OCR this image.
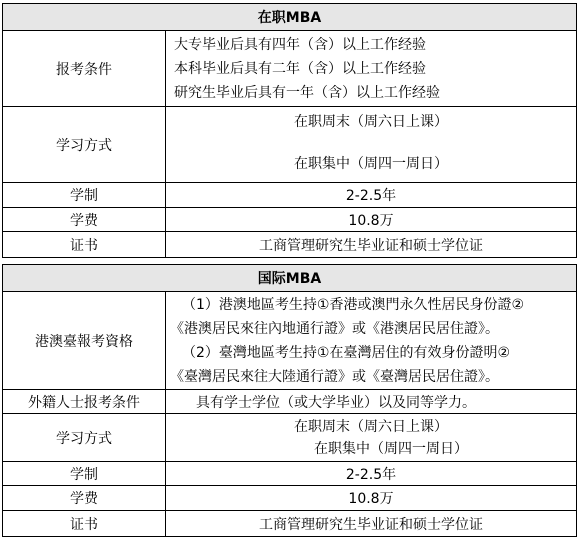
在职MBA	
报考条件	大专毕业后具有四年（含）以上工作经验
本科毕业后具有二年（含）以上工作经验
研究生毕业后具有一年（含）以上工作经验

学习方式	在职周末（周六日上课）
在职集中（周四一周日）

学制	2-2.5年
学费	10.8万
证书	工商管理研究生毕业证和硕士学位证
国际MBA	
港澳臺報考資格	（1）港澳地區考生持①香港或澳門永久性居民身份證②
《港澳居民來往內地通行證》或《港澳居民居住證》。
（2）臺灣地區考生持①在臺灣居住的有效身份證明②
《臺灣居民來往大陸通行證》或《臺灣居民居住證》。

外籍人士报考条件	具有学士学位（或大学毕业）以及同等学力。
学习方式	在职周末（周六日上课）
在职集中（周四一周日）

学制	2-2.5年
学费	10.8万
证书	工商管理研究生毕业证和硕士学位证
